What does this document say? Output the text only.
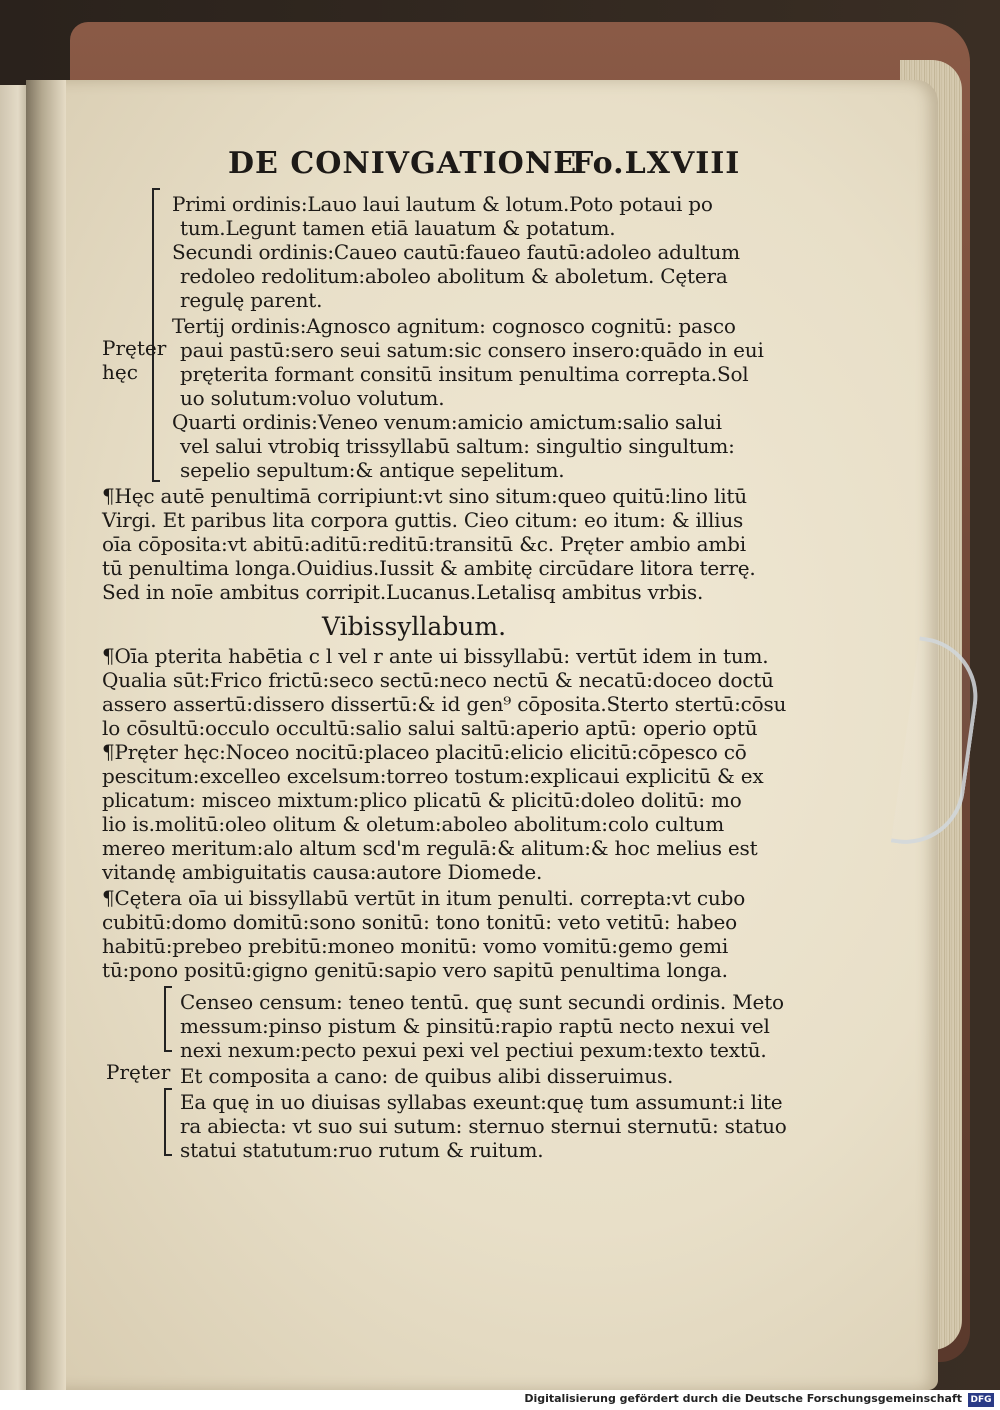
DE CONIVGATIONE
Fo.LXVIII
Primi ordinis:Lauo laui lautum & lotum.Poto potaui po
tum.Legunt tamen etiā lauatum & potatum.
Secundi ordinis:Caueo cautū:faueo fautū:adoleo adultum
redoleo redolitum:aboleo abolitum & aboletum. Cętera
regulę parent.
Tertij ordinis:Agnosco agnitum: cognosco cognitū: pasco
paui pastū:sero seui satum:sic consero insero:quādo in eui
pręterita formant consitū insitum penultima correpta.Sol
uo solutum:voluo volutum.
Quarti ordinis:Veneo venum:amicio amictum:salio salui
vel salui vtrobiq trissyllabū saltum: singultio singultum:
sepelio sepultum:& antique sepelitum.
Pręter
hęc
¶Hęc autē penultimā corripiunt:vt sino situm:queo quitū:lino litū
Virgi. Et paribus lita corpora guttis. Cieo citum: eo itum: & illius
oīa cōposita:vt abitū:aditū:reditū:transitū &c. Pręter ambio ambi
tū penultima longa.Ouidius.Iussit & ambitę circūdare litora terrę.
Sed in noīe ambitus corripit.Lucanus.Letalisq ambitus vrbis.
Vibissyllabum.
¶Oīa pterita habētia c l vel r ante ui bissyllabū: vertūt idem in tum.
Qualia sūt:Frico frictū:seco sectū:neco nectū & necatū:doceo doctū
assero assertū:dissero dissertū:& id gen⁹ cōposita.Sterto stertū:cōsu
lo cōsultū:occulo occultū:salio salui saltū:aperio aptū: operio optū
¶Pręter hęc:Noceo nocitū:placeo placitū:elicio elicitū:cōpesco cō
pescitum:excelleo excelsum:torreo tostum:explicaui explicitū & ex
plicatum: misceo mixtum:plico plicatū & plicitū:doleo dolitū: mo
lio is.molitū:oleo olitum & oletum:aboleo abolitum:colo cultum
mereo meritum:alo altum scd'm regulā:& alitum:& hoc melius est
vitandę ambiguitatis causa:autore Diomede.
¶Cętera oīa ui bissyllabū vertūt in itum penulti. correpta:vt cubo
cubitū:domo domitū:sono sonitū: tono tonitū: veto vetitū: habeo
habitū:prebeo prebitū:moneo monitū: vomo vomitū:gemo gemi
tū:pono positū:gigno genitū:sapio vero sapitū penultima longa.
Censeo censum: teneo tentū. quę sunt secundi ordinis. Meto
messum:pinso pistum & pinsitū:rapio raptū necto nexui vel
nexi nexum:pecto pexui pexi vel pectiui pexum:texto textū.
Et composita a cano: de quibus alibi disseruimus.
Ea quę in uo diuisas syllabas exeunt:quę tum assumunt:i lite
ra abiecta: vt suo sui sutum: sternuo sternui sternutū: statuo
statui statutum:ruo rutum & ruitum.
Pręter
Digitalisierung gefördert durch die Deutsche Forschungsgemeinschaft DFG
